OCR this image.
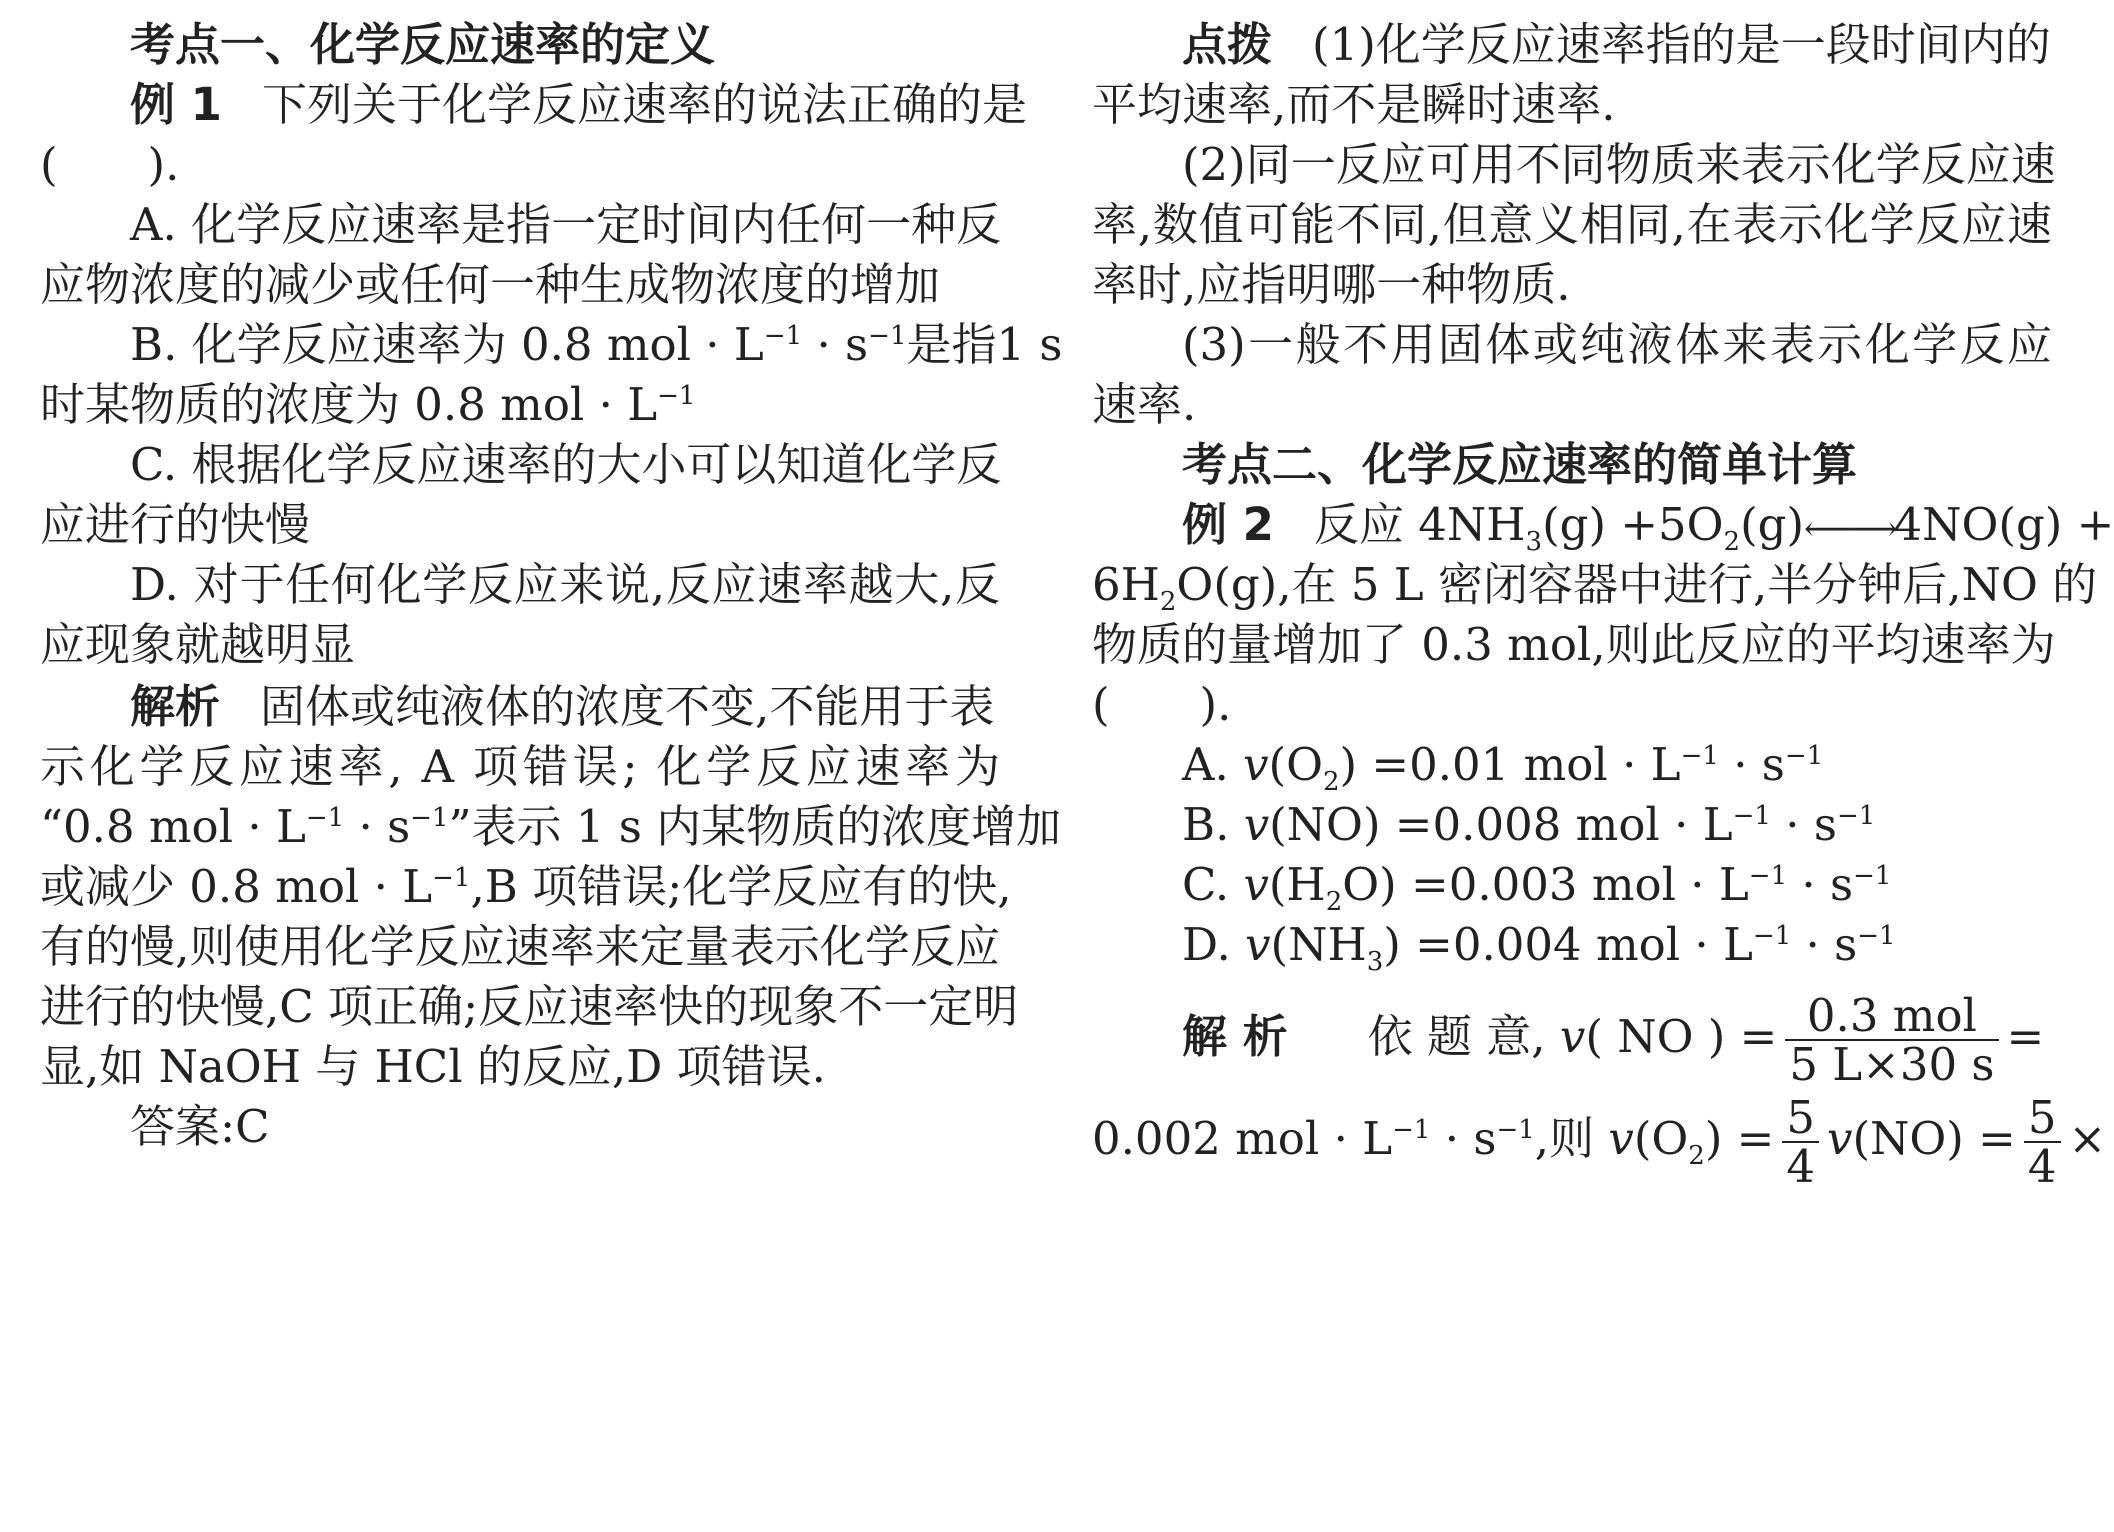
考点一、化学反应速率的定义
例 1 下列关于化学反应速率的说法正确的是
(　　).
A. 化学反应速率是指一定时间内任何一种反
应物浓度的减少或任何一种生成物浓度的增加
B. 化学反应速率为 0.8 mol · $L^{-1} \cdot s^{-1}$是指1 s
时某物质的浓度为 0.8 mol · $L^{-1}$
C. 根据化学反应速率的大小可以知道化学反
应进行的快慢
D. 对于任何化学反应来说,反应速率越大,反
应现象就越明显
解析 固体或纯液体的浓度不变,不能用于表
示化学反应速率, A 项错误; 化学反应速率为
“0.8 mol · $L^{-1} \cdot s^{-1}$”表示 1 s 内某物质的浓度增加
或减少 0.8 mol · $L^{-1},B$ 项错误;化学反应有的快,
有的慢,则使用化学反应速率来定量表示化学反应
进行的快慢,C 项正确;反应速率快的现象不一定明
显,如 NaOH 与 HCl 的反应,D 项错误.
答案:C
点拨 (1)化学反应速率指的是一段时间内的
平均速率,而不是瞬时速率.
(2)同一反应可用不同物质来表示化学反应速
率,数值可能不同,但意义相同,在表示化学反应速
率时,应指明哪一种物质.
(3)一般不用固体或纯液体来表示化学反应
速率.
考点二、化学反应速率的简单计算
例 2 反应 $4NH_3(g)$ $+5O_2(g)⟵⟶4NO(g)$ +
$6H_2O(g)$,在 5 L 密闭容器中进行,半分钟后,NO 的
物质的量增加了 0.3 mol,则此反应的平均速率为
(　　).
A. $v(O_2) =0.01$ mol · $L^{-1} \cdot s^{-1}$
B. v(NO) =0.008 mol · $L^{-1} \cdot s^{-1}$
C. $v(H_2O) =0.003$ mol · $L^{-1} \cdot s^{-1}$
D. $v(NH_3) =0.004$ mol · $L^{-1} \cdot s^{-1}$
解 析 依 题 意, v( NO ) = $\frac{\text{0.3 mol}}{5 L\times 30 s}$ =
0.002 mol · $L^{-1} \cdot s^{-1}$,则 $v(O_2) = \frac{5}{4} v(NO) = \frac{5}{4}$ ×
